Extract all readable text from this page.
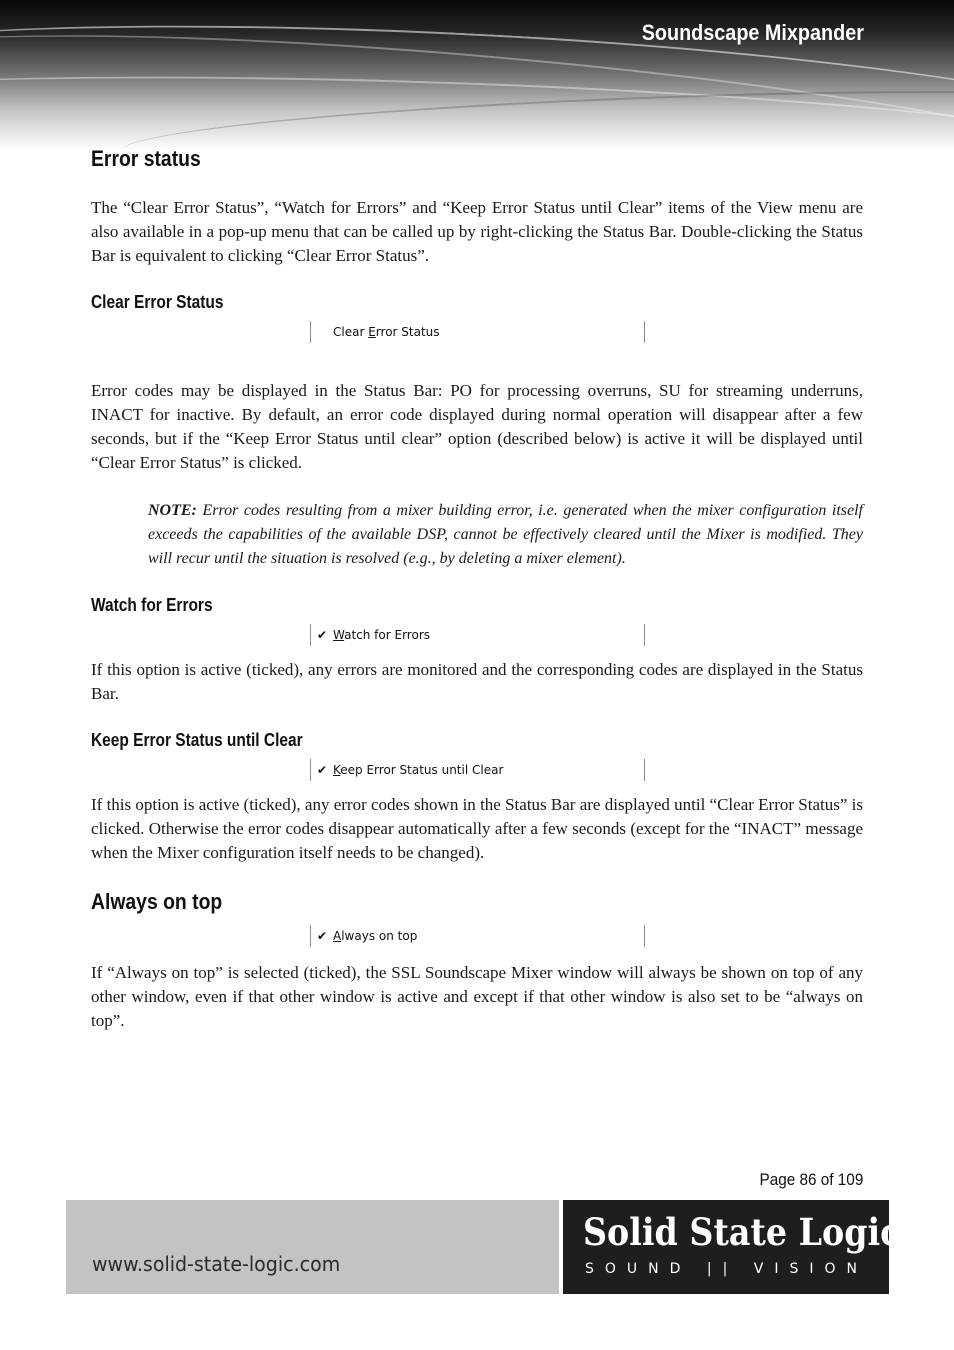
Soundscape Mixpander
Error status

The “Clear Error Status”, “Watch for Errors” and “Keep Error Status until Clear” items of the View menu are also available in a pop-up menu that can be called up by right-clicking the Status Bar. Double-clicking the Status Bar is equivalent to clicking “Clear Error Status”.

Clear Error Status
Clear Error Status

Error codes may be displayed in the Status Bar: PO for processing overruns, SU for streaming underruns, INACT for inactive. By default, an error code displayed during normal operation will disappear after a few seconds, but if the “Keep Error Status until clear” option (described below) is active it will be displayed until “Clear Error Status” is clicked.

NOTE: Error codes resulting from a mixer building error, i.e. generated when the mixer configuration itself exceeds the capabilities of the available DSP, cannot be effectively cleared until the Mixer is modified. They will recur until the situation is resolved (e.g., by deleting a mixer element).

Watch for Errors
✔ Watch for Errors

If this option is active (ticked), any errors are monitored and the corresponding codes are displayed in the Status Bar.

Keep Error Status until Clear
✔ Keep Error Status until Clear

If this option is active (ticked), any error codes shown in the Status Bar are displayed until “Clear Error Status” is clicked. Otherwise the error codes disappear automatically after a few seconds (except for the “INACT” message when the Mixer configuration itself needs to be changed).

Always on top
✔ Always on top

If “Always on top” is selected (ticked), the SSL Soundscape Mixer window will always be shown on top of any other window, even if that other window is active and except if that other window is also set to be “always on top”.

Page 86 of 109
www.solid-state-logic.com
Solid State Logic
SOUND || VISION
